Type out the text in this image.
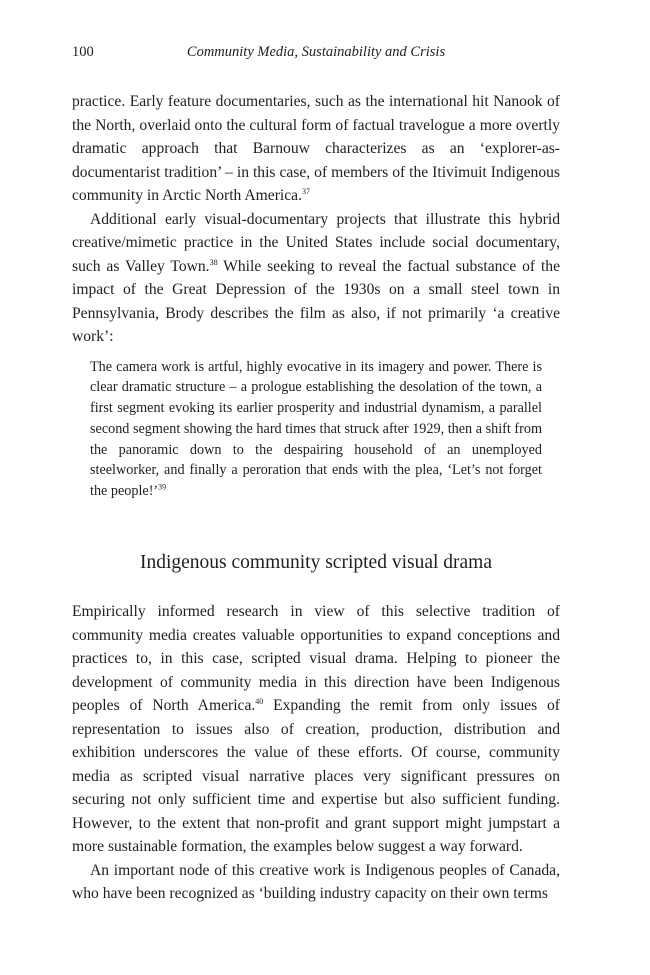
100	Community Media, Sustainability and Crisis

practice. Early feature documentaries, such as the international hit Nanook of the North, overlaid onto the cultural form of factual travelogue a more overtly dramatic approach that Barnouw characterizes as an ‘explorer-as-documentarist tradition’ – in this case, of members of the Itivimuit Indigenous community in Arctic North America.$^{37}$

Additional early visual-documentary projects that illustrate this hybrid creative/mimetic practice in the United States include social documentary, such as Valley Town.$^{38}$ While seeking to reveal the factual substance of the impact of the Great Depression of the 1930s on a small steel town in Pennsylvania, Brody describes the film as also, if not primarily ‘a creative work’:

The camera work is artful, highly evocative in its imagery and power. There is clear dramatic structure – a prologue establishing the desolation of the town, a first segment evoking its earlier prosperity and industrial dynamism, a parallel second segment showing the hard times that struck after 1929, then a shift from the panoramic down to the despairing household of an unemployed steelworker, and finally a peroration that ends with the plea, ‘Let’s not forget the people!’$^{39}$
Indigenous community scripted visual drama

Empirically informed research in view of this selective tradition of community media creates valuable opportunities to expand conceptions and practices to, in this case, scripted visual drama. Helping to pioneer the development of community media in this direction have been Indigenous peoples of North America.$^{40}$ Expanding the remit from only issues of representation to issues also of creation, production, distribution and exhibition underscores the value of these efforts. Of course, community media as scripted visual narrative places very significant pressures on securing not only sufficient time and expertise but also sufficient funding. However, to the extent that non-profit and grant support might jumpstart a more sustainable formation, the examples below suggest a way forward.

An important node of this creative work is Indigenous peoples of Canada, who have been recognized as ‘building industry capacity on their own terms
